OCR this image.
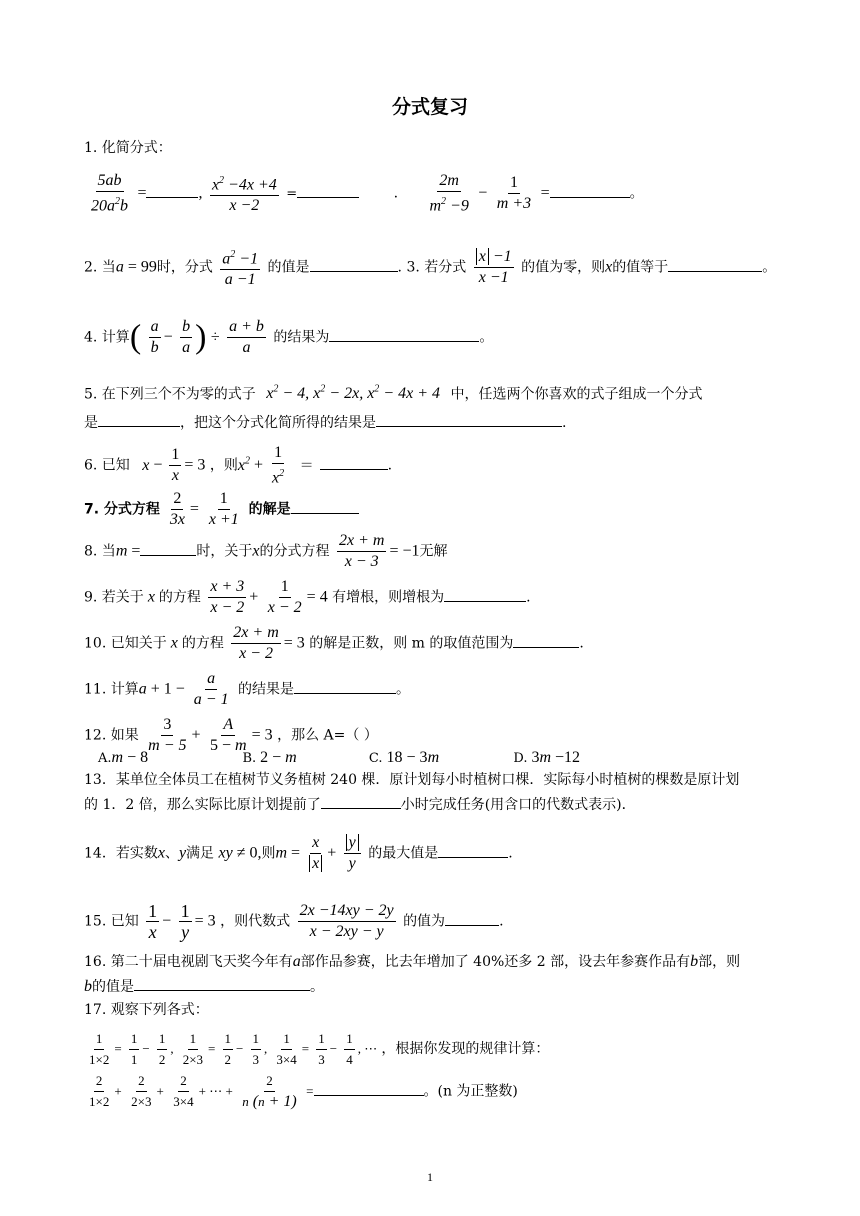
分式复习
1. 化简分式：
$\frac{5ab}{20a^2b}$ =	, $\frac{x^2 -4x +4}{x -2}$ =	. $\frac{2m}{m^2 -9} - \frac{1}{m +3}$ =	。
2. 当a = 99时，分式 $\frac{a^2 -1}{a -1}$ 的值是	. 3. 若分式 $\frac{x -1}{x -1}$ 的值为零，则x的值等于	。
4. 计算( $\frac{a}{b} - \frac{b}{a}$ ) ÷ $\frac{a + b}{a}$ 的结果为	。
5. 在下列三个不为零的式子 $x^2 - 4$, $x^2 - 2x$, $x^2 - 4x + 4$ 中，任选两个你喜欢的式子组成一个分式
是	，把这个分式化简所得的结果是	.
6. 已知 $x - \frac{1}{x} = 3$ ，则$x^2 + \frac{1}{x^2}$ ＝	.
7. 分式方程 $\frac{2}{3x} = \frac{1}{x +1}$ 的解是
8. 当m =	时，关于x的分式方程 $\frac{2x + m}{x - 3} = -1$无解
9. 若关于 x 的方程 $\frac{x + 3}{x - 2} + \frac{1}{x - 2} = 4$ 有增根，则增根为	.
10. 已知关于 x 的方程 $\frac{2x + m}{x - 2} = 3$ 的解是正数，则 m 的取值范围为	.
11. 计算$a + 1 - \frac{a}{a - 1}$ 的结果是	。
12. 如果 $\frac{3}{m - 5} + \frac{A}{5 - m} = 3$ ，那么 A=（ ）
A.m − 8	B. 2 − m	C. 18 − 3m	D. 3m −12
13．某单位全体员工在植树节义务植树 240 棵．原计划每小时植树口棵．实际每小时植树的棵数是原计划
的 1．2 倍，那么实际比原计划提前了	小时完成任务(用含口的代数式表示)．
14．若实数x、y满足 xy ≠ 0,则$m = \frac{x}{x} + \frac{y}{y}$ 的最大值是	.
15. 已知 $\frac{1}{x} - \frac{1}{y} = 3$ ，则代数式 $\frac{2x -14xy - 2y}{x - 2xy - y}$ 的值为	.
16. 第二十届电视剧飞天奖今年有a部作品参赛，比去年增加了 40%还多 2 部，设去年参赛作品有b部，则
b的值是	。
17. 观察下列各式：
$\frac{1}{1\times 2} = \frac{1}{1} - \frac{1}{2}$ , $\frac{1}{2\times 3} = \frac{1}{2} - \frac{1}{3}$ , $\frac{1}{3\times 4} = \frac{1}{3} - \frac{1}{4}$ , ⋯ ，根据你发现的规律计算：
$\frac{2}{1\times 2} + \frac{2}{2\times 3} + \frac{2}{3\times 4}$ + ⋯ + $\frac{2}{n (n + 1)}$ =	。(n 为正整数)
1
